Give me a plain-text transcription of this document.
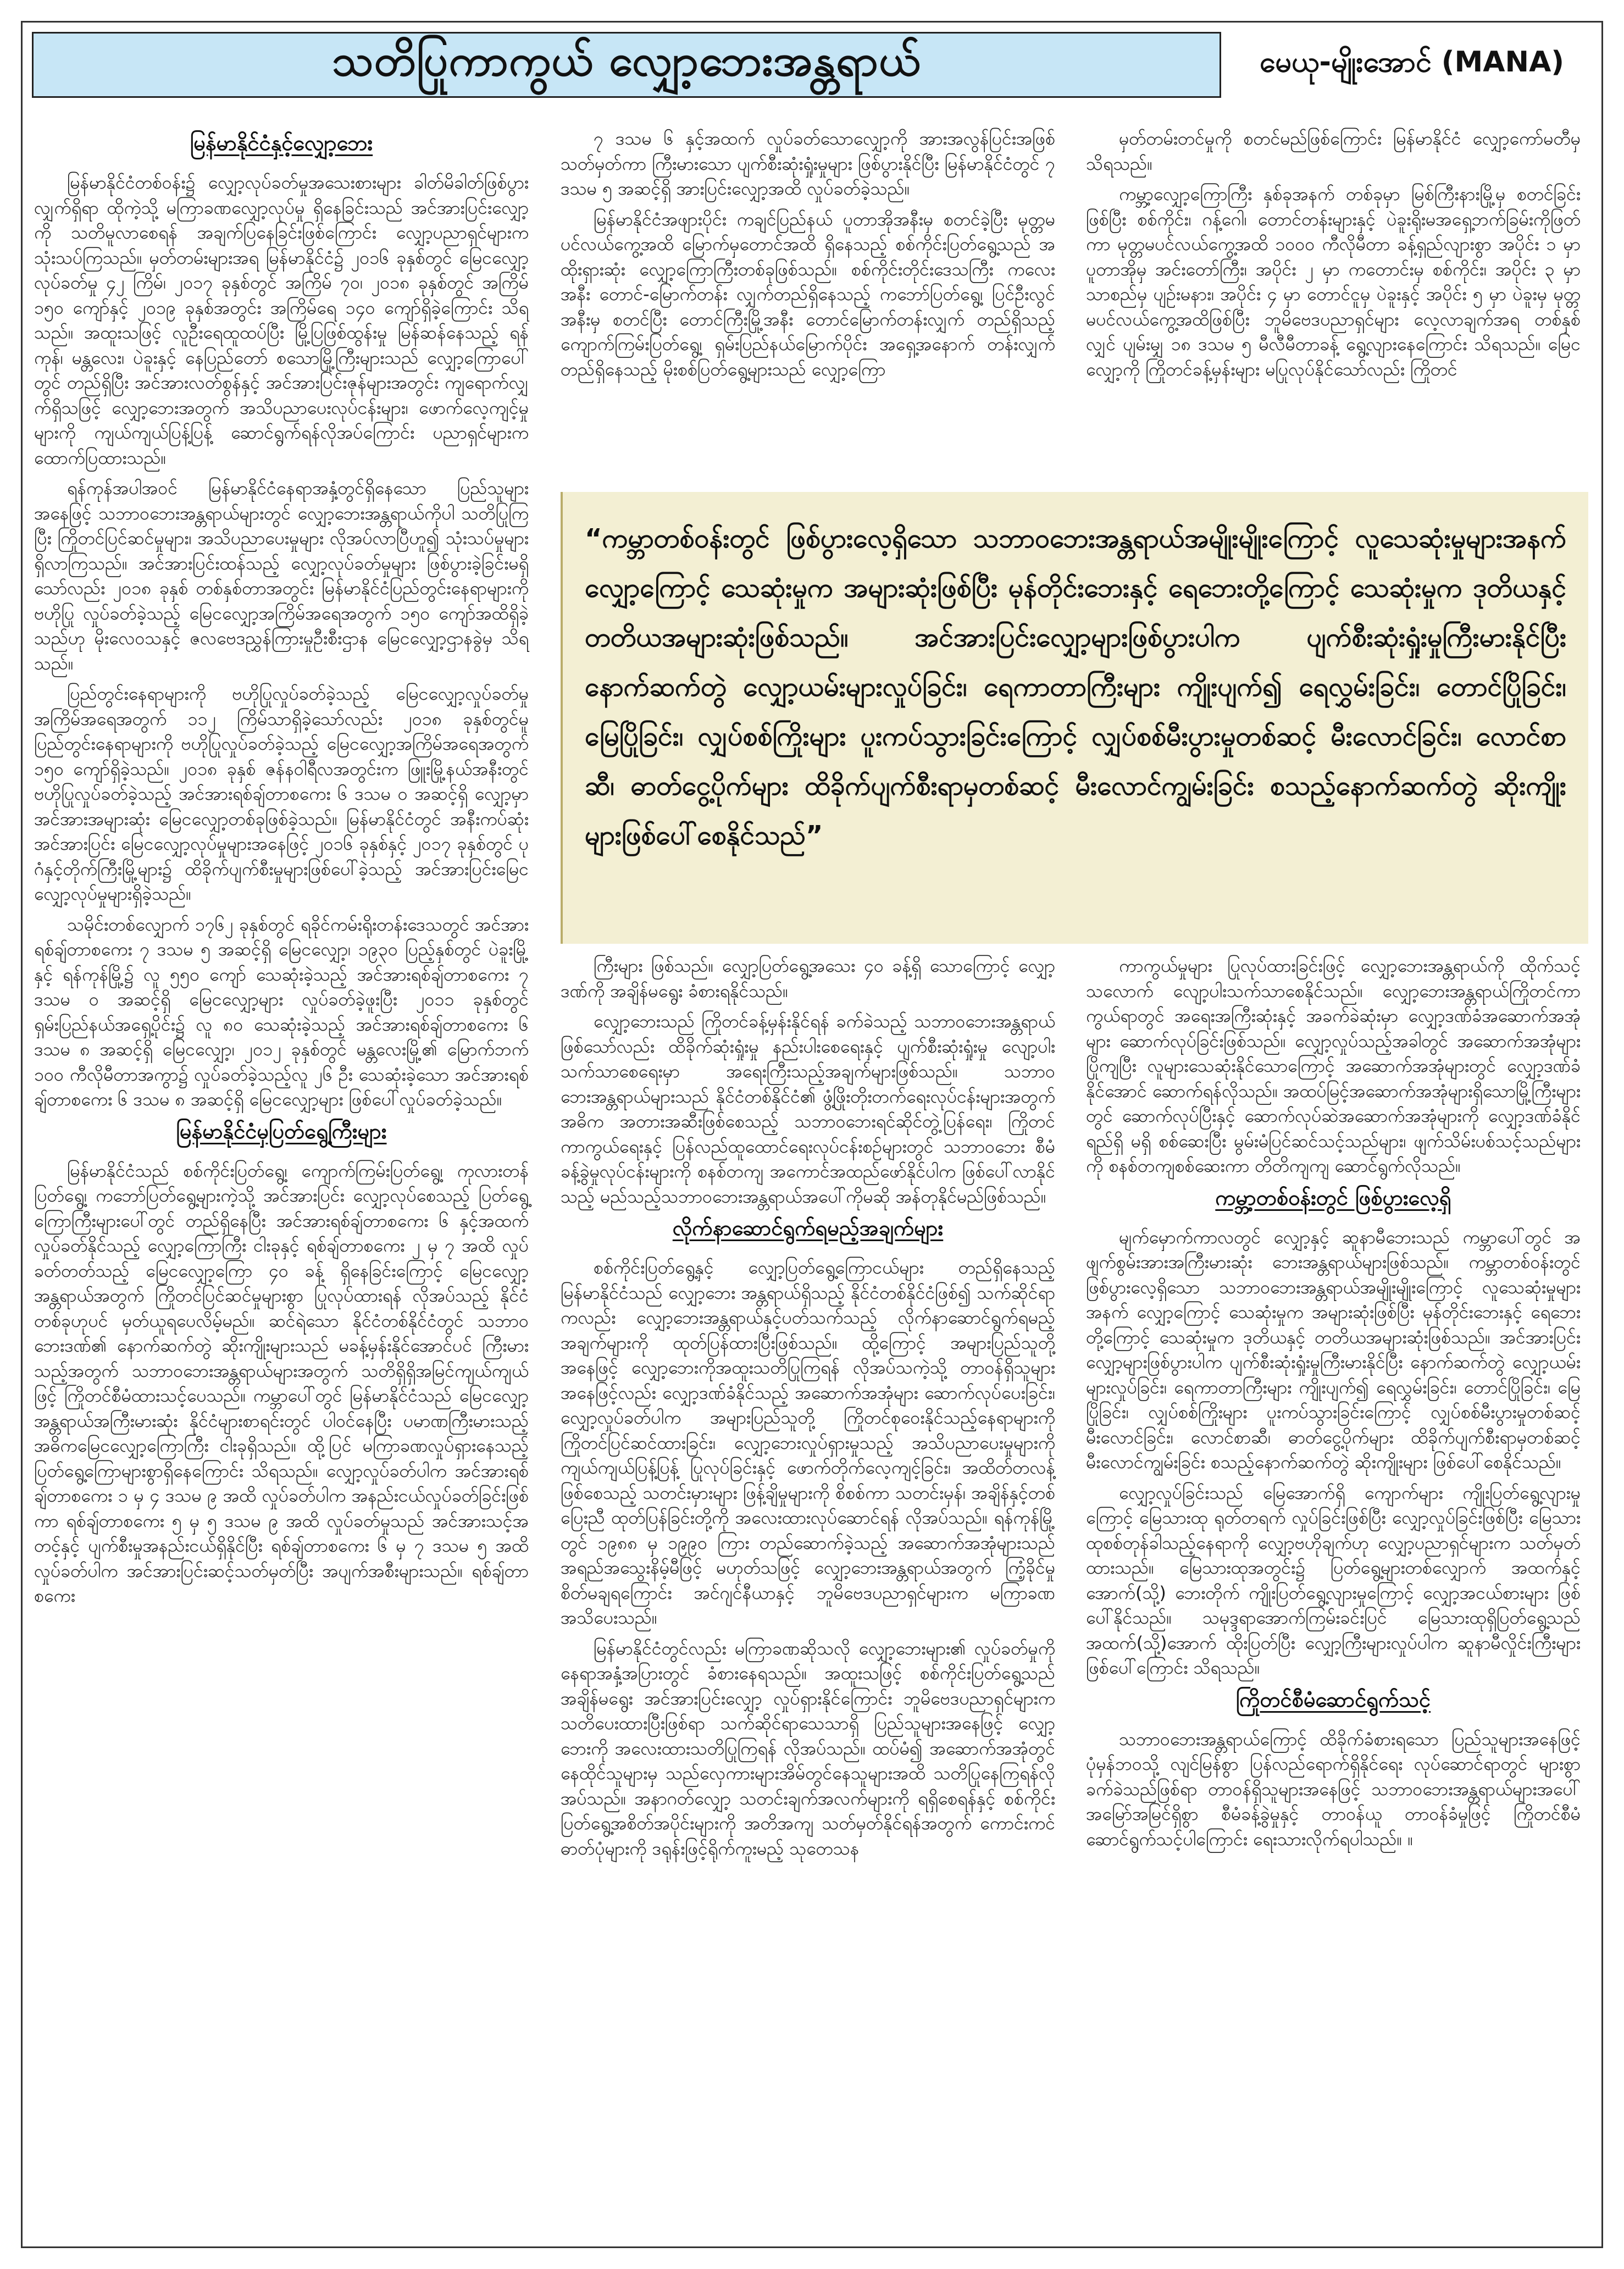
သတိပြုကာကွယ် လျှော့ဘေးအန္တရာယ်	မေယု-မျိုးအောင် (MANA)
မြန်မာနိုင်ငံနှင့်လျှော့ဘေး

မြန်မာနိုင်ငံတစ်ဝန်း၌ လျှော့လုပ်ခတ်မှုအသေးစားများ ခါတ်မိခါတ်ဖြစ်ပွားလျှက်ရှိရာ ထိုကဲ့သို့ မကြာခဏလျှော့လုပ်မှု ရှိနေခြင်းသည် အင်အားပြင်းလျှော့ကို သတိမူလာစေရန် အချက်ပြနေခြင်းဖြစ်ကြောင်း လျှော့ပညာရှင်များက သုံးသပ်ကြသည်။ မှတ်တမ်းများအရ မြန်မာနိုင်ငံ၌ ၂၀၁၆ ခုနှစ်တွင် မြေငလျှော့လုပ်ခတ်မှု ၄၂ ကြိမ်၊ ၂၀၁၇ ခုနှစ်တွင် အကြိမ် ၇၀၊ ၂၀၁၈ ခုနှစ်တွင် အကြိမ် ၁၅၀ ကျော်နှင့် ၂၀၁၉ ခုနှစ်အတွင်း အကြိမ်ရေ ၁၄၀ ကျော်ရှိခဲ့ကြောင်း သိရသည်။ အထူးသဖြင့် လူဦးရေထူထပ်ပြီး မြို့ပြဖြစ်ထွန်းမှု မြန်ဆန်နေသည့် ရန်ကုန်၊ မန္တလေး၊ ပဲခူးနှင့် နေပြည်တော် စသောမြို့ကြီးများသည် လျှော့ကြောပေါ်တွင် တည်ရှိပြီး အင်အားလတ်စွန်နှင့် အင်အားပြင်းဇုန်များအတွင်း ကျရောက်လျှက်ရှိသဖြင့် လျှော့ဘေးအတွက် အသိပညာပေးလုပ်ငန်းများ၊ ဖောက်လေ့ကျင့်မှုများကို ကျယ်ကျယ်ပြန့်ပြန့် ဆောင်ရွက်ရန်လိုအပ်ကြောင်း ပညာရှင်များက ထောက်ပြထားသည်။

ရန်ကုန်အပါအဝင် မြန်မာနိုင်ငံနေရာအနှံ့တွင်ရှိနေသော ပြည်သူများအနေဖြင့် သဘာဝဘေးအန္တရာယ်များတွင် လျှော့ဘေးအန္တရာယ်ကိုပါ သတိပြုကြပြီး ကြိုတင်ပြင်ဆင်မှုများ၊ အသိပညာပေးမှုများ လိုအပ်လာပြီဟူ၍ သုံးသပ်မှုများ ရှိလာကြသည်။ အင်အားပြင်းထန်သည့် လျှော့လုပ်ခတ်မှုများ ဖြစ်ပွားခဲ့ခြင်းမရှိသော်လည်း ၂၀၁၈ ခုနှစ် တစ်နှစ်တာအတွင်း မြန်မာနိုင်ငံပြည်တွင်းနေရာများကို ဗဟိုပြု လှုပ်ခတ်ခဲ့သည့် မြေငလျှော့အကြိမ်အရေအတွက် ၁၅၀ ကျော်အထိရှိခဲ့သည်ဟု မိုးလေဝသနှင့် ဇလဗေဒညွှန်ကြားမှုဦးစီးဌာန မြေငလျှော့ဌာနခွဲမှ သိရသည်။

ပြည်တွင်းနေရာများကို ဗဟိုပြုလှုပ်ခတ်ခဲ့သည့် မြေငလျှော့လှုပ်ခတ်မှု အကြိမ်အရေအတွက် ၁၁၂ ကြိမ်သာရှိခဲ့သော်လည်း ၂၀၁၈ ခုနှစ်တွင်မူ ပြည်တွင်းနေရာများကို ဗဟိုပြုလှုပ်ခတ်ခဲ့သည့် မြေငလျှော့အကြိမ်အရေအတွက် ၁၅၀ ကျော်ရှိခဲ့သည်။ ၂၀၁၈ ခုနှစ် ဇန်နဝါရီလအတွင်းက ဖြူးမြို့နယ်အနီးတွင် ဗဟိုပြုလှုပ်ခတ်ခဲ့သည့် အင်အားရစ်ချ်တာစကေး ၆ ဒသမ ၀ အဆင့်ရှိ လျှော့မှာ အင်အားအများဆုံး မြေငလျှော့တစ်ခုဖြစ်ခဲ့သည်။ မြန်မာနိုင်ငံတွင် အနီးကပ်ဆုံး အင်အားပြင်း မြေငလျှော့လုပ်မှုများအနေဖြင့် ၂၀၁၆ ခုနှစ်နှင့် ၂၀၁၇ ခုနှစ်တွင် ပုဂံနှင့်တိုက်ကြီးမြို့များ၌ ထိခိုက်ပျက်စီးမှုများဖြစ်ပေါ်ခဲ့သည့် အင်အားပြင်းမြေငလျှော့လုပ်မှုများရှိခဲ့သည်။

သမိုင်းတစ်လျှောက် ၁၇၆၂ ခုနှစ်တွင် ရခိုင်ကမ်းရိုးတန်းဒေသတွင် အင်အားရစ်ချ်တာစကေး ၇ ဒသမ ၅ အဆင့်ရှိ မြေငလျှော့၊ ၁၉၃၀ ပြည့်နှစ်တွင် ပဲခူးမြို့နှင့် ရန်ကုန်မြို့၌ လူ ၅၅၀ ကျော် သေဆုံးခဲ့သည့် အင်အားရစ်ချ်တာစကေး ၇ ဒသမ ၀ အဆင့်ရှိ မြေငလျှော့များ လှုပ်ခတ်ခဲ့ဖူးပြီး ၂၀၁၁ ခုနှစ်တွင် ရှမ်းပြည်နယ်အရှေ့ပိုင်း၌ လူ ၈၀ သေဆုံးခဲ့သည့် အင်အားရစ်ချ်တာစကေး ၆ ဒသမ ၈ အဆင့်ရှိ မြေငလျှော့၊ ၂၀၁၂ ခုနှစ်တွင် မန္တလေးမြို့၏ မြောက်ဘက် ၁၀၀ ကီလိုမီတာအကွာ၌ လှုပ်ခတ်ခဲ့သည့်လူ ၂၆ ဦး သေဆုံးခဲ့သော အင်အားရစ်ချ်တာစကေး ၆ ဒသမ ၈ အဆင့်ရှိ မြေငလျှော့များ ဖြစ်ပေါ်လှုပ်ခတ်ခဲ့သည်။

မြန်မာနိုင်ငံမှပြတ်ရွေ့ကြီးများ

မြန်မာနိုင်ငံသည် စစ်ကိုင်းပြတ်ရွေ့၊ ကျောက်ကြမ်းပြတ်ရွေ့၊ ကုလားတန်ပြတ်ရွေ့၊ ကဘော်ပြတ်ရွေ့များကဲ့သို့ အင်အားပြင်း လျှော့လုပ်စေသည့် ပြတ်ရွေ့ကြောကြီးများပေါ်တွင် တည်ရှိနေပြီး အင်အားရစ်ချ်တာစကေး ၆ နှင့်အထက် လှုပ်ခတ်နိုင်သည့် လျှော့ကြောကြီး ငါးခုနှင့် ရစ်ချ်တာစကေး ၂ မှ ၇ အထိ လှုပ်ခတ်တတ်သည့် မြေငလျှော့ကြော ၄၀ ခန့် ရှိနေခြင်းကြောင့် မြေငလျှော့အန္တရာယ်အတွက် ကြိုတင်ပြင်ဆင်မှုများစွာ ပြုလုပ်ထားရန် လိုအပ်သည့် နိုင်ငံတစ်ခုဟုပင် မှတ်ယူရပေလိမ့်မည်။ ဆင်ရဲသော နိုင်ငံတစ်နိုင်ငံတွင် သဘာဝဘေးဒဏ်၏ နောက်ဆက်တွဲ ဆိုးကျိုးများသည် မခန့်မှန်းနိုင်အောင်ပင် ကြီးမားသည့်အတွက် သဘာဝဘေးအန္တရာယ်များအတွက် သတိရှိရှိအမြင်ကျယ်ကျယ်ဖြင့် ကြိုတင်စီမံထားသင့်ပေသည်။ ကမ္ဘာပေါ်တွင် မြန်မာနိုင်ငံသည် မြေငလျှော့အန္တရာယ်အကြီးမားဆုံး နိုင်ငံများစာရင်းတွင် ပါဝင်နေပြီး ပမာဏကြီးမားသည့် အဓိကမြေငလျှော့ကြောကြီး ငါးခုရှိသည်။ ထို့ပြင် မကြာခဏလှုပ်ရှားနေသည့် ပြတ်ရွေ့ကြောများစွာရှိနေကြောင်း သိရသည်။ လျှော့လှုပ်ခတ်ပါက အင်အားရစ်ချ်တာစကေး ၁ မှ ၄ ဒသမ ၉ အထိ လှုပ်ခတ်ပါက အနည်းငယ်လှုပ်ခတ်ခြင်းဖြစ်ကာ ရစ်ချ်တာစကေး ၅ မှ ၅ ဒသမ ၉ အထိ လှုပ်ခတ်မှုသည် အင်အားသင့်အတင့်နှင့် ပျက်စီးမှုအနည်းငယ်ရှိနိုင်ပြီး ရစ်ချ်တာစကေး ၆ မှ ၇ ဒသမ ၅ အထိလှုပ်ခတ်ပါက အင်အားပြင်းဆင့်သတ်မှတ်ပြီး အပျက်အစီးများသည်။ ရစ်ချ်တာစကေး

၇ ဒသမ ၆ နှင့်အထက် လှုပ်ခတ်သောလျှော့ကို အားအလွန်ပြင်းအဖြစ် သတ်မှတ်ကာ ကြီးမားသော ပျက်စီးဆုံးရှုံးမှုများ ဖြစ်ပွားနိုင်ပြီး မြန်မာနိုင်ငံတွင် ၇ ဒသမ ၅ အဆင့်ရှိ အားပြင်းလျှော့အထိ လှုပ်ခတ်ခဲ့သည်။

မြန်မာနိုင်ငံအဖျားပိုင်း ကချင်ပြည်နယ် ပူတာအိုအနီးမှ စတင်ခဲ့ပြီး မုတ္တမပင်လယ်ကွေ့အထိ မြောက်မှတောင်အထိ ရှိနေသည့် စစ်ကိုင်းပြတ်ရွေ့သည် အထိုးရှားဆုံး လျှော့ကြောကြီးတစ်ခုဖြစ်သည်။ စစ်ကိုင်းတိုင်းဒေသကြီး ကလေးအနီး တောင်-မြောက်တန်း လျှက်တည်ရှိနေသည့် ကဘော်ပြတ်ရွေ့၊ ပြင်ဦးလွင်အနီးမှ စတင်ပြီး တောင်ကြီးမြို့အနီး တောင်မြောက်တန်းလျှက် တည်ရှိသည့် ကျောက်ကြမ်းပြတ်ရွေ့၊ ရှမ်းပြည်နယ်မြောက်ပိုင်း အရှေ့အနောက် တန်းလျှက်တည်ရှိနေသည့် မိုးစစ်ပြတ်ရွေ့များသည် လျှော့ကြော

မှတ်တမ်းတင်မှုကို စတင်မည်ဖြစ်ကြောင်း မြန်မာနိုင်ငံ လျှော့ကော်မတီမှ သိရသည်။

ကမ္ဘာ့လျှော့ကြောကြီး နှစ်ခုအနက် တစ်ခုမှာ မြစ်ကြီးနားမြို့မှ စတင်ခြင်းဖြစ်ပြီး စစ်ကိုင်း၊ ဂန့်ဂေါ၊ တောင်တန်းများနှင့် ပဲခူးရိုးမအရှေ့ဘက်ခြမ်းကိုဖြတ်ကာ မုတ္တမပင်လယ်ကွေ့အထိ ၁၀၀၀ ကီလိုမီတာ ခန့်ရှည်လျားစွာ အပိုင်း ၁ မှာ ပူတာအိုမှ အင်းတော်ကြီး၊ အပိုင်း ၂ မှာ ကတောင်းမှ စစ်ကိုင်း၊ အပိုင်း ၃ မှာ သာစည်မှ ပျဉ်းမနား၊ အပိုင်း ၄ မှာ တောင်ငူမှ ပဲခူးနှင့် အပိုင်း ၅ မှာ ပဲခူးမှ မုတ္တမပင်လယ်ကွေ့အထိဖြစ်ပြီး ဘူမိဗေဒပညာရှင်များ လေ့လာချက်အရ တစ်နှစ်လျှင် ပျမ်းမျှ ၁၈ ဒသမ ၅ မီလီမီတာခန့် ရွေ့လျားနေကြောင်း သိရသည်။ မြေငလျှော့ကို ကြိုတင်ခန့်မှန်းများ မပြုလုပ်နိုင်သော်လည်း ကြိုတင်

“ကမ္ဘာတစ်ဝန်းတွင် ဖြစ်ပွားလေ့ရှိသော သဘာဝဘေးအန္တရာယ်အမျိုးမျိုးကြောင့် လူသေဆုံးမှုများအနက် လျှော့ကြောင့် သေဆုံးမှုက အများဆုံးဖြစ်ပြီး မုန်တိုင်းဘေးနှင့် ရေဘေးတို့ကြောင့် သေဆုံးမှုက ဒုတိယနှင့် တတိယအများဆုံးဖြစ်သည်။ အင်အားပြင်းလျှော့များဖြစ်ပွားပါက ပျက်စီးဆုံးရှုံးမှုကြီးမားနိုင်ပြီး နောက်ဆက်တွဲ လျှော့ယမ်းများလှုပ်ခြင်း၊ ရေကာတာကြီးများ ကျိုးပျက်၍ ရေလွှမ်းခြင်း၊ တောင်ပြိုခြင်း၊ မြေပြိုခြင်း၊ လျှပ်စစ်ကြိုးများ ပူးကပ်သွားခြင်းကြောင့် လျှပ်စစ်မီးပွားမှုတစ်ဆင့် မီးလောင်ခြင်း၊ လောင်စာဆီ၊ ဓာတ်ငွေ့ပိုက်များ ထိခိုက်ပျက်စီးရာမှတစ်ဆင့် မီးလောင်ကျွမ်းခြင်း စသည့်နောက်ဆက်တွဲ ဆိုးကျိုးများဖြစ်ပေါ်စေနိုင်သည်”

ကြီးများ ဖြစ်သည်။ လျှော့ပြတ်ရွေ့အသေး ၄၀ ခန့်ရှိ သောကြောင့် လျှော့ဒဏ်ကို အချိန်မရွေး ခံစားရနိုင်သည်။

လျှော့ဘေးသည် ကြိုတင်ခန့်မှန်းနိုင်ရန် ခက်ခဲသည့် သဘာဝဘေးအန္တရာယ်ဖြစ်သော်လည်း ထိခိုက်ဆုံးရှုံးမှု နည်းပါးစေရေးနှင့် ပျက်စီးဆုံးရှုံးမှု လျော့ပါးသက်သာစေရေးမှာ အရေးကြီးသည့်အချက်များဖြစ်သည်။ သဘာဝဘေးအန္တရာယ်များသည် နိုင်ငံတစ်နိုင်ငံ၏ ဖွံ့ဖြိုးတိုးတက်ရေးလုပ်ငန်းများအတွက် အဓိက အတားအဆီးဖြစ်စေသည့် သဘာဝဘေးရင်ဆိုင်တွဲ့ပြန်ရေး၊ ကြိုတင်ကာကွယ်ရေးနှင့် ပြန်လည်ထူထောင်ရေးလုပ်ငန်းစဉ်များတွင် သဘာဝဘေး စီမံခန့်ခွဲမှုလုပ်ငန်းများကို စနစ်တကျ အကောင်အထည်ဖော်နိုင်ပါက ဖြစ်ပေါ်လာနိုင်သည့် မည်သည့်သဘာဝဘေးအန္တရာယ်အပေါ်ကိုမဆို အန်တုနိုင်မည်ဖြစ်သည်။

လိုက်နာဆောင်ရွက်ရမည့်အချက်များ

စစ်ကိုင်းပြတ်ရွေ့နှင့် လျှော့ပြတ်ရွေ့ကြောငယ်များ တည်ရှိနေသည့် မြန်မာနိုင်ငံသည် လျှော့ဘေး အန္တရာယ်ရှိသည့် နိုင်ငံတစ်နိုင်ငံဖြစ်၍ သက်ဆိုင်ရာကလည်း လျှော့ဘေးအန္တရာယ်နှင့်ပတ်သက်သည့် လိုက်နာဆောင်ရွက်ရမည့်အချက်များကို ထုတ်ပြန်ထားပြီးဖြစ်သည်။ ထို့ကြောင့် အများပြည်သူတို့အနေဖြင့် လျှော့ဘေးကိုအထူးသတိပြုကြရန် လိုအပ်သကဲ့သို့ တာဝန်ရှိသူများအနေဖြင့်လည်း လျှော့ဒဏ်ခံနိုင်သည့် အဆောက်အအုံများ ဆောက်လုပ်ပေးခြင်း၊ လျှော့လှုပ်ခတ်ပါက အများပြည်သူတို့ ကြိုတင်စုဝေးနိုင်သည့်နေရာများကို ကြိုတင်ပြင်ဆင်ထားခြင်း၊ လျှော့ဘေးလှုပ်ရှားမှုသည့် အသိပညာပေးမှုများကို ကျယ်ကျယ်ပြန့်ပြန့် ပြုလုပ်ခြင်းနှင့် ဖောက်တိုက်လေ့ကျင့်ခြင်း၊ အထိတ်တလန့်ဖြစ်စေသည့် သတင်းမှားများ ဖြန့်ချိမှုများကို စိစစ်ကာ သတင်းမှန်၊ အချိန်နှင့်တစ်ပြေးညီ ထုတ်ပြန်ခြင်းတို့ကို အလေးထားလုပ်ဆောင်ရန် လိုအပ်သည်။ ရန်ကုန်မြို့တွင် ၁၉၈၈ မှ ၁၉၉၀ ကြား တည်ဆောက်ခဲ့သည့် အဆောက်အအုံများသည် အရည်အသွေးနိမ့်မီဖြင့် မဟုတ်သဖြင့် လျှော့ဘေးအန္တရာယ်အတွက် ကြံ့ခိုင်မှုစိတ်မချရကြောင်း အင်ဂျင်နီယာနှင့် ဘူမိဗေဒပညာရှင်များက မကြာခဏ အသိပေးသည်။

မြန်မာနိုင်ငံတွင်လည်း မကြာခဏဆိုသလို လျှော့ဘေးများ၏ လှုပ်ခတ်မှုကို နေရာအနှံ့အပြားတွင် ခံစားနေရသည်။ အထူးသဖြင့် စစ်ကိုင်းပြတ်ရွေ့သည် အချိန်မရွေး အင်အားပြင်းလျှော့ လှုပ်ရှားနိုင်ကြောင်း ဘူမိဗေဒပညာရှင်များက သတိပေးထားပြီးဖြစ်ရာ သက်ဆိုင်ရာသေသာရှိ ပြည်သူများအနေဖြင့် လျှော့ဘေးကို အလေးထားသတိပြုကြရန် လိုအပ်သည်။ ထပ်မံ၍ အဆောက်အအုံတွင် နေထိုင်သူများမှ သည်လှေကားများအိမ်တွင်နေသူများအထိ သတိပြုနေကြရန်လိုအပ်သည်။ အနာဂတ်လျှော့ သတင်းချက်အလက်များကို ရရှိစေရန်နှင့် စစ်ကိုင်းပြတ်ရွေ့အစိတ်အပိုင်းများကို အတိအကျ သတ်မှတ်နိုင်ရန်အတွက် ကောင်းကင်ဓာတ်ပုံများကို ဒရုန်းဖြင့်ရိုက်ကူးမည့် သုတေသန

ကာကွယ်မှုများ ပြုလုပ်ထားခြင်းဖြင့် လျှော့ဘေးအန္တရာယ်ကို ထိုက်သင့်သလောက် လျော့ပါးသက်သာစေနိုင်သည်။ လျှော့ဘေးအန္တရာယ်ကြိုတင်ကာကွယ်ရာတွင် အရေးအကြီးဆုံးနှင့် အခက်ခဲဆုံးမှာ လျှော့ဒဏ်ခံအဆောက်အအုံများ ဆောက်လုပ်ခြင်းဖြစ်သည်။ လျှော့လှုပ်သည့်အခါတွင် အဆောက်အအုံများပြိုကျပြီး လူများသေဆုံးနိုင်သောကြောင့် အဆောက်အအုံများတွင် လျှော့ဒဏ်ခံနိုင်အောင် ဆောက်ရန်လိုသည်။ အထပ်မြင့်အဆောက်အအုံများရှိသောမြို့ကြီးများတွင် ဆောက်လုပ်ပြီးနှင့် ဆောက်လုပ်ဆဲအဆောက်အအုံများကို လျှော့ဒဏ်ခံနိုင်ရည်ရှိ မရှိ စစ်ဆေးပြီး မွမ်းမံပြင်ဆင်သင့်သည်များ၊ ဖျက်သိမ်းပစ်သင့်သည်များကို စနစ်တကျစစ်ဆေးကာ တိတိကျကျ ဆောင်ရွက်လိုသည်။

ကမ္ဘာ့တစ်ဝန်းတွင် ဖြစ်ပွားလေ့ရှိ

မျက်မှောက်ကာလတွင် လျှော့နှင့် ဆူနာမီဘေးသည် ကမ္ဘာပေါ်တွင် အဖျက်စွမ်းအားအကြီးမားဆုံး ဘေးအန္တရာယ်များဖြစ်သည်။ ကမ္ဘာတစ်ဝန်းတွင် ဖြစ်ပွားလေ့ရှိသော သဘာဝဘေးအန္တရာယ်အမျိုးမျိုးကြောင့် လူသေဆုံးမှုများအနက် လျှော့ကြောင့် သေဆုံးမှုက အများဆုံးဖြစ်ပြီး မုန်တိုင်းဘေးနှင့် ရေဘေးတို့ကြောင့် သေဆုံးမှုက ဒုတိယနှင့် တတိယအများဆုံးဖြစ်သည်။ အင်အားပြင်းလျှော့များဖြစ်ပွားပါက ပျက်စီးဆုံးရှုံးမှုကြီးမားနိုင်ပြီး နောက်ဆက်တွဲ လျှော့ယမ်းများလှုပ်ခြင်း၊ ရေကာတာကြီးများ ကျိုးပျက်၍ ရေလွှမ်းခြင်း၊ တောင်ပြိုခြင်း၊ မြေပြိုခြင်း၊ လျှပ်စစ်ကြိုးများ ပူးကပ်သွားခြင်းကြောင့် လျှပ်စစ်မီးပွားမှုတစ်ဆင့် မီးလောင်ခြင်း၊ လောင်စာဆီ၊ ဓာတ်ငွေ့ပိုက်များ ထိခိုက်ပျက်စီးရာမှတစ်ဆင့် မီးလောင်ကျွမ်းခြင်း စသည့်နောက်ဆက်တွဲ ဆိုးကျိုးများ ဖြစ်ပေါ်စေနိုင်သည်။

လျှော့လှုပ်ခြင်းသည် မြေအောက်ရှိ ကျောက်များ ကျိုးပြတ်ရွေ့လျားမှုကြောင့် မြေသားထု ရုတ်တရက် လှုပ်ခြင်းဖြစ်ပြီး လျှော့လှုပ်ခြင်းဖြစ်ပြီး မြေသားထုစစ်တုန်ခါသည့်နေရာကို လျှော့ဗဟိုချက်ဟု လျှော့ပညာရှင်များက သတ်မှတ်ထားသည်။ မြေသားထုအတွင်း၌ ပြတ်ရွေ့များတစ်လျှောက် အထက်နှင့်အောက်(သို့) ဘေးတိုက် ကျိုးပြတ်ရွေ့လျားမှုကြောင့် လျှော့အငယ်စားများ ဖြစ်ပေါ်နိုင်သည်။ သမုဒ္ဒရာအောက်ကြမ်းခင်းပြင် မြေသားထုရှိပြတ်ရွေ့သည် အထက်(သို့)အောက် ထိုးပြတ်ပြီး လျှော့ကြီးများလှုပ်ပါက ဆူနာမီလှိုင်းကြီးများဖြစ်ပေါ်ကြောင်း သိရသည်။

ကြိုတင်စီမံဆောင်ရွက်သင့်

သဘာဝဘေးအန္တရာယ်ကြောင့် ထိခိုက်ခံစားရသော ပြည်သူများအနေဖြင့် ပုံမှန်ဘဝသို့ လျင်မြန်စွာ ပြန်လည်ရောက်ရှိနိုင်ရေး လုပ်ဆောင်ရာတွင် များစွာခက်ခဲသည်ဖြစ်ရာ တာဝန်ရှိသူများအနေဖြင့် သဘာဝဘေးအန္တရာယ်များအပေါ် အမြော်အမြင်ရှိစွာ စီမံခန့်ခွဲမှုနှင့် တာဝန်ယူ တာဝန်ခံမှုဖြင့် ကြိုတင်စီမံဆောင်ရွက်သင့်ပါကြောင်း ရေးသားလိုက်ရပါသည်။ ။
